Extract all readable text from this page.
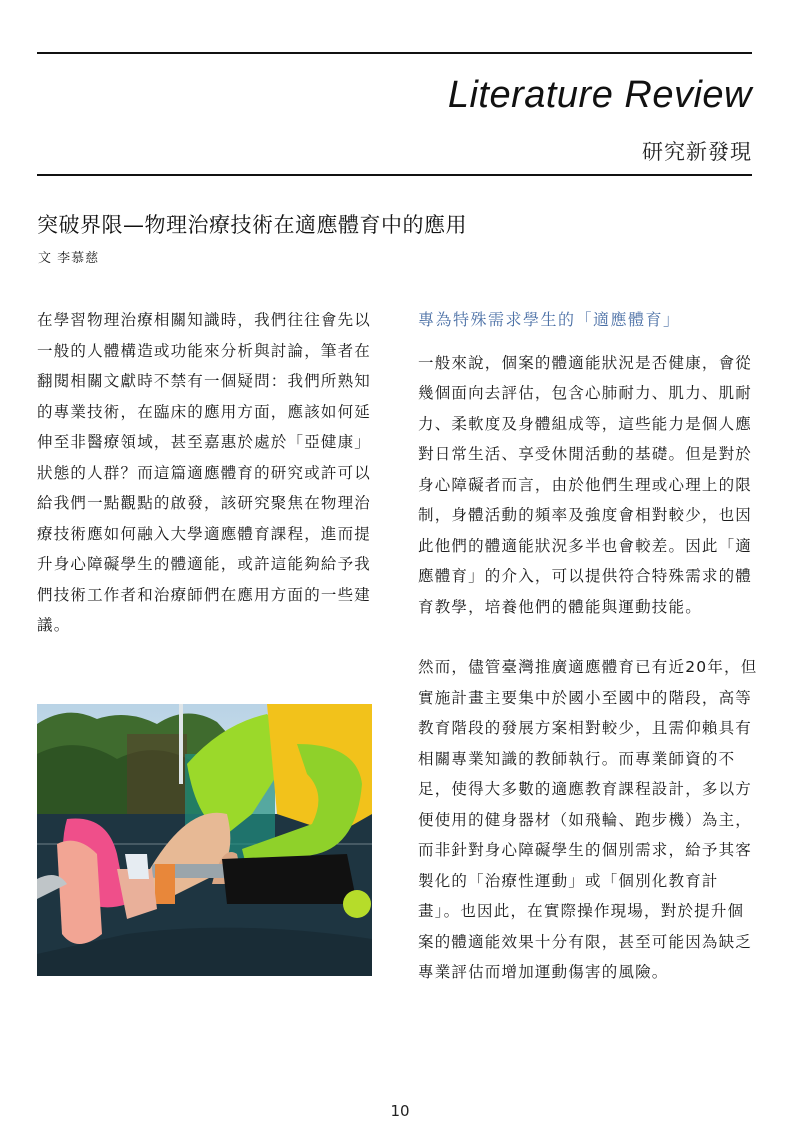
Literature Review
研究新發現
突破界限—物理治療技術在適應體育中的應用
文 李慕慈

在學習物理治療相關知識時，我們往往會先以一般的人體構造或功能來分析與討論，筆者在翻閱相關文獻時不禁有一個疑問：我們所熟知的專業技術，在臨床的應用方面，應該如何延伸至非醫療領域，甚至嘉惠於處於「亞健康」狀態的人群？而這篇適應體育的研究或許可以給我們一點觀點的啟發，該研究聚焦在物理治療技術應如何融入大學適應體育課程，進而提升身心障礙學生的體適能，或許這能夠給予我們技術工作者和治療師們在應用方面的一些建議。

專為特殊需求學生的「適應體育」

一般來說，個案的體適能狀況是否健康，會從幾個面向去評估，包含心肺耐力、肌力、肌耐力、柔軟度及身體組成等，這些能力是個人應對日常生活、享受休閒活動的基礎。但是對於身心障礙者而言，由於他們生理或心理上的限制，身體活動的頻率及強度會相對較少，也因此他們的體適能狀況多半也會較差。因此「適應體育」的介入，可以提供符合特殊需求的體育教學，培養他們的體能與運動技能。

然而，儘管臺灣推廣適應體育已有近20年，但實施計畫主要集中於國小至國中的階段，高等教育階段的發展方案相對較少，且需仰賴具有相關專業知識的教師執行。而專業師資的不足，使得大多數的適應教育課程設計，多以方便使用的健身器材（如飛輪、跑步機）為主，而非針對身心障礙學生的個別需求，給予其客製化的「治療性運動」或「個別化教育計畫」。也因此，在實際操作現場，對於提升個案的體適能效果十分有限，甚至可能因為缺乏專業評估而增加運動傷害的風險。

10
